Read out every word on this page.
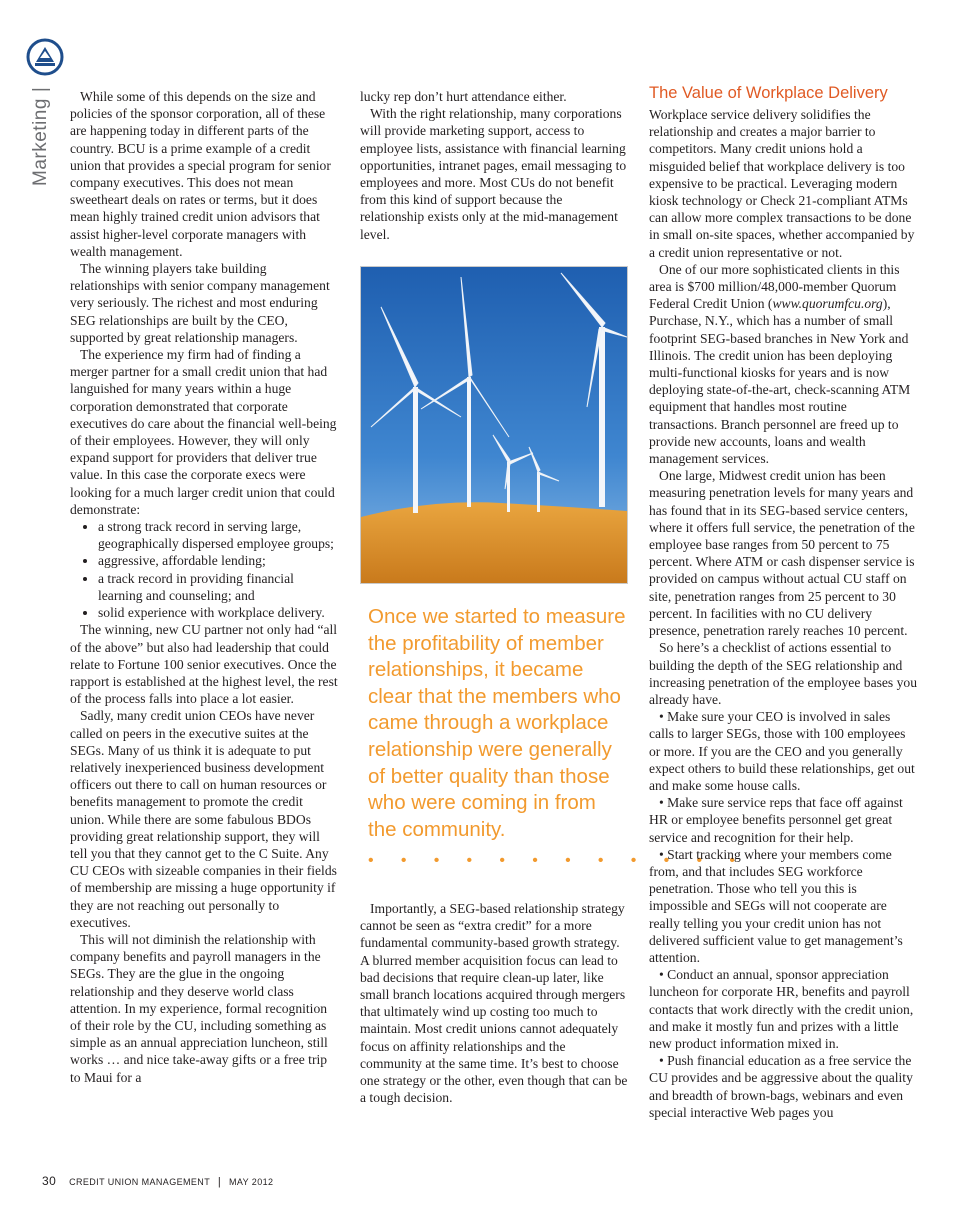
Marketing|	While some of this depends on the size and policies of the sponsor corporation, all of these are happening today in different parts of the country. BCU is a prime example of a credit union that provides a special program for senior company executives. This does not mean sweetheart deals on rates or terms, but it does mean highly trained credit union advisors that assist higher-level corporate managers with wealth management.

The winning players take building relationships with senior company management very seriously. The richest and most enduring SEG relationships are built by the CEO, supported by great relationship managers.

The experience my firm had of finding a merger partner for a small credit union that had languished for many years within a huge corporation demonstrated that corporate executives do care about the financial well-being of their employees. However, they will only expand support for providers that deliver true value. In this case the corporate execs were looking for a much larger credit union that could demonstrate:

• a strong track record in serving large, geographically dispersed employee groups;
• aggressive, affordable lending;
• a track record in providing financial learning and counseling; and
• solid experience with workplace delivery.

The winning, new CU partner not only had “all of the above” but also had leadership that could relate to Fortune 100 senior executives. Once the rapport is established at the highest level, the rest of the process falls into place a lot easier.

Sadly, many credit union CEOs have never called on peers in the executive suites at the SEGs. Many of us think it is adequate to put relatively inexperienced business development officers out there to call on human resources or benefits management to promote the credit union. While there are some fabulous BDOs providing great relationship support, they will tell you that they cannot get to the C Suite. Any CU CEOs with sizeable companies in their fields of membership are missing a huge opportunity if they are not reaching out personally to executives.

This will not diminish the relationship with company benefits and payroll managers in the SEGs. They are the glue in the ongoing relationship and they deserve world class attention. In my experience, formal recognition of their role by the CU, including something as simple as an annual appreciation luncheon, still works … and nice take-away gifts or a free trip to Maui for a

lucky rep don’t hurt attendance either.

With the right relationship, many corporations will provide marketing support, access to employee lists, assistance with financial learning opportunities, intranet pages, email messaging to employees and more. Most CUs do not benefit from this kind of support because the relationship exists only at the mid-management level.

Once we started to measure the profitability of member relationships, it became clear that the members who came through a workplace relationship were generally of better quality than those who were coming in from the community.
• • • • • • • • • • • •

Importantly, a SEG-based relationship strategy cannot be seen as “extra credit” for a more fundamental community-based growth strategy. A blurred member acquisition focus can lead to bad decisions that require clean-up later, like small branch locations acquired through mergers that ultimately wind up costing too much to maintain. Most credit unions cannot adequately focus on affinity relationships and the community at the same time. It’s best to choose one strategy or the other, even though that can be a tough decision.

The Value of Workplace Delivery

Workplace service delivery solidifies the relationship and creates a major barrier to competitors. Many credit unions hold a misguided belief that workplace delivery is too expensive to be practical. Leveraging modern kiosk technology or Check 21-compliant ATMs can allow more complex transactions to be done in small on-site spaces, whether accompanied by a credit union representative or not.

One of our more sophisticated clients in this area is $700 million/48,000-member Quorum Federal Credit Union (www.quorumfcu.org), Purchase, N.Y., which has a number of small footprint SEG-based branches in New York and Illinois. The credit union has been deploying multi-functional kiosks for years and is now deploying state-of-the-art, check-scanning ATM equipment that handles most routine transactions. Branch personnel are freed up to provide new accounts, loans and wealth management services.

One large, Midwest credit union has been measuring penetration levels for many years and has found that in its SEG-based service centers, where it offers full service, the penetration of the employee base ranges from 50 percent to 75 percent. Where ATM or cash dispenser service is provided on campus without actual CU staff on site, penetration ranges from 25 percent to 30 percent. In facilities with no CU delivery presence, penetration rarely reaches 10 percent.

So here’s a checklist of actions essential to building the depth of the SEG relationship and increasing penetration of the employee bases you already have.

• Make sure your CEO is involved in sales calls to larger SEGs, those with 100 employees or more. If you are the CEO and you generally expect others to build these relationships, get out and make some house calls.

• Make sure service reps that face off against HR or employee benefits personnel get great service and recognition for their help.

• Start tracking where your members come from, and that includes SEG workforce penetration. Those who tell you this is impossible and SEGs will not cooperate are really telling you your credit union has not delivered sufficient value to get management’s attention.

• Conduct an annual, sponsor appreciation luncheon for corporate HR, benefits and payroll contacts that work directly with the credit union, and make it mostly fun and prizes with a little new product information mixed in.

• Push financial education as a free service the CU provides and be aggressive about the quality and breadth of brown-bags, webinars and even special interactive Web pages you

30 CREDIT UNION MANAGEMENT | MAY 2012
